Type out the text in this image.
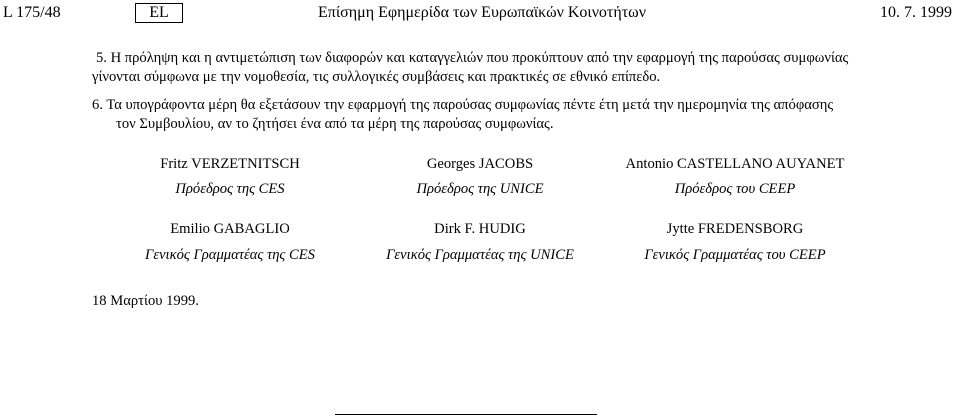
L 175/48	EL	Επίσημη Εφημερίδα των Ευρωπαϊκών Κοινοτήτων	10. 7. 1999
5. Η πρόληψη και η αντιμετώπιση των διαφορών και καταγγελιών που προκύπτουν από την εφαρμογή της παρούσας συμφωνίας
γίνονται σύμφωνα με την νομοθεσία, τις συλλογικές συμβάσεις και πρακτικές σε εθνικό επίπεδο.
6. Τα υπογράφοντα μέρη θα εξετάσουν την εφαρμογή της παρούσας συμφωνίας πέντε έτη μετά την ημερομηνία της απόφασης
τον Συμβουλίου, αν το ζητήσει ένα από τα μέρη της παρούσας συμφωνίας.
Fritz VERZETNITSCH	Georges JACOBS	Antonio CASTELLANO AUYANET
Πρόεδρος της CES	Πρόεδρος της UNICE	Πρόεδρος του CEEP
Emilio GABAGLIO	Dirk F. HUDIG	Jytte FREDENSBORG
Γενικός Γραμματέας της CES	Γενικός Γραμματέας της UNICE	Γενικός Γραμματέας του CEEP
18 Μαρτίου 1999.
